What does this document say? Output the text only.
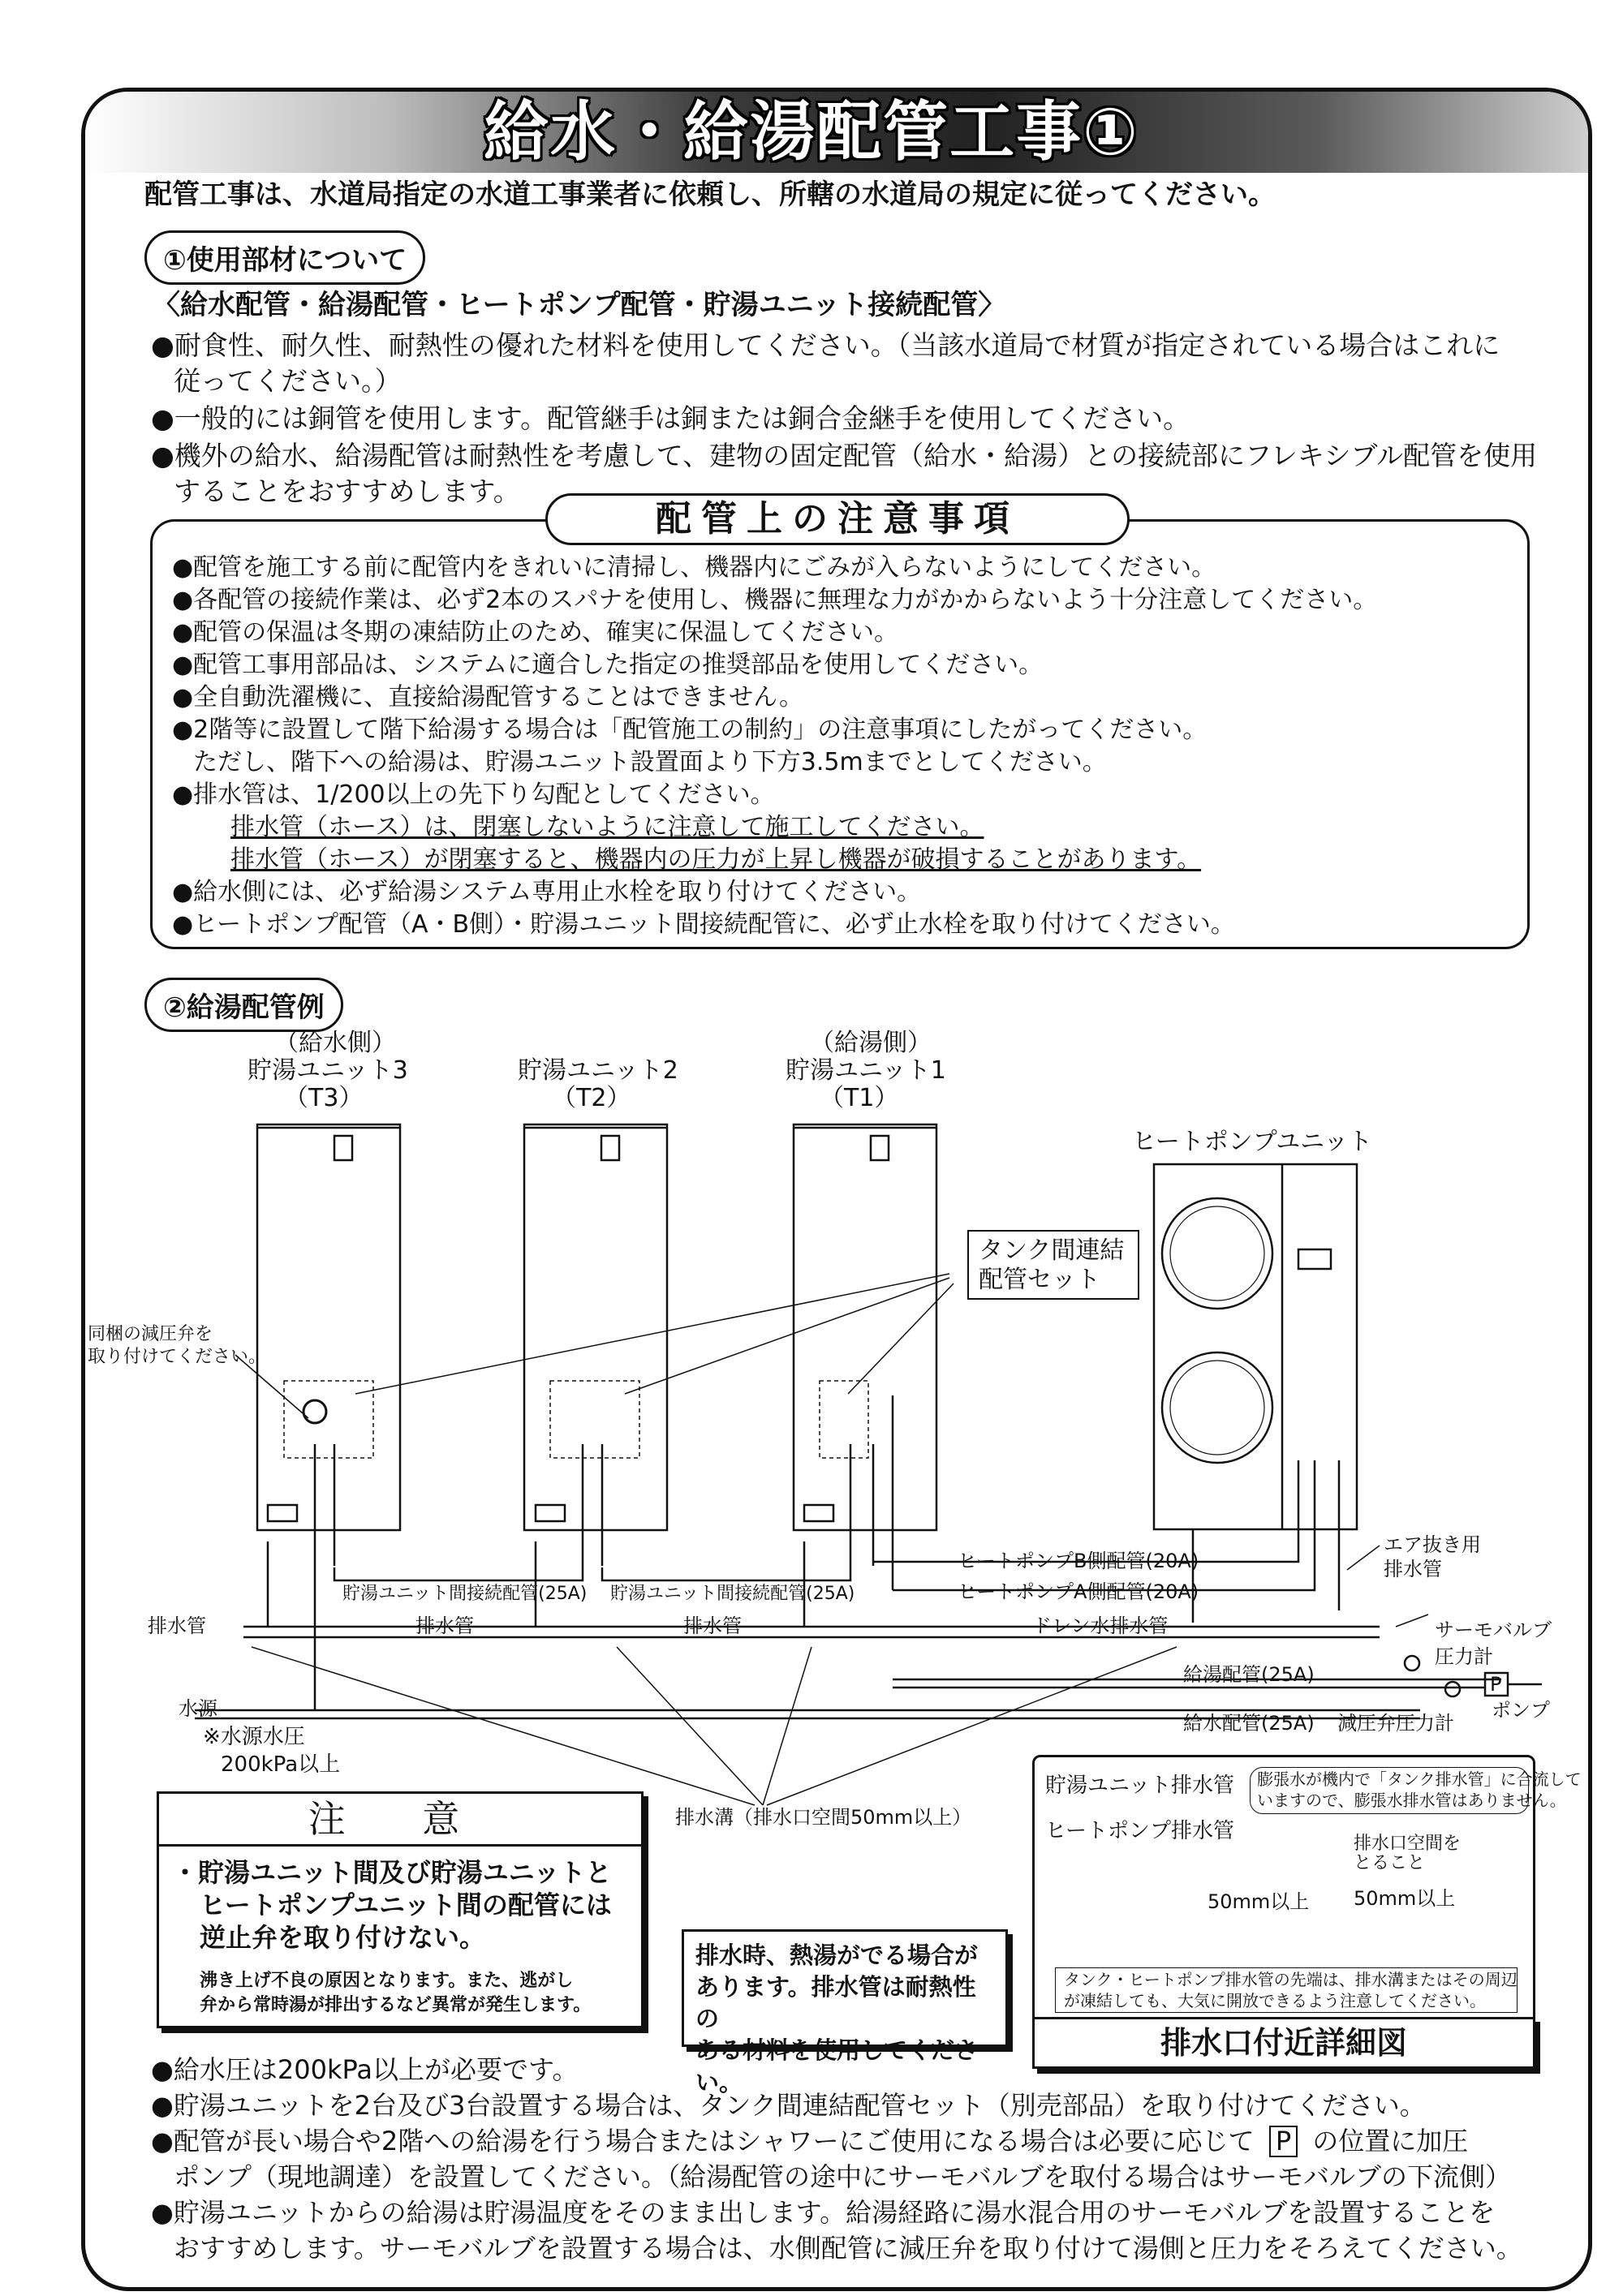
給水・給湯配管工事①
配管工事は、水道局指定の水道工事業者に依頼し、所轄の水道局の規定に従ってください。
①使用部材について
〈給水配管・給湯配管・ヒートポンプ配管・貯湯ユニット接続配管〉
●耐食性、耐久性、耐熱性の優れた材料を使用してください。（当該水道局で材質が指定されている場合はこれに
従ってください。）
●一般的には銅管を使用します。配管継手は銅または銅合金継手を使用してください。
●機外の給水、給湯配管は耐熱性を考慮して、建物の固定配管（給水・給湯）との接続部にフレキシブル配管を使用
することをおすすめします。
配管上の注意事項
●配管を施工する前に配管内をきれいに清掃し、機器内にごみが入らないようにしてください。
●各配管の接続作業は、必ず2本のスパナを使用し、機器に無理な力がかからないよう十分注意してください。
●配管の保温は冬期の凍結防止のため、確実に保温してください。
●配管工事用部品は、システムに適合した指定の推奨部品を使用してください。
●全自動洗濯機に、直接給湯配管することはできません。
●2階等に設置して階下給湯する場合は「配管施工の制約」の注意事項にしたがってください。
ただし、階下への給湯は、貯湯ユニット設置面より下方3.5mまでとしてください。
●排水管は、1/200以上の先下り勾配としてください。
排水管（ホース）は、閉塞しないように注意して施工してください。
排水管（ホース）が閉塞すると、機器内の圧力が上昇し機器が破損することがあります。
●給水側には、必ず給湯システム専用止水栓を取り付けてください。
●ヒートポンプ配管（A・B側）・貯湯ユニット間接続配管に、必ず止水栓を取り付けてください。
②給湯配管例
（給水側）
貯湯ユニット3
（T3）
貯湯ユニット2
（T2）
（給湯側）
貯湯ユニット1
（T1）
ヒートポンプユニット
タンク間連結
配管セット
同梱の減圧弁を
取り付けてください。
ヒートポンプB側配管(20A)
ヒートポンプA側配管(20A)
エア抜き用
排水管
貯湯ユニット間接続配管(25A) 貯湯ユニット間接続配管(25A)
排水管	排水管	排水管	ドレン水排水管	サーモバルブ
圧力計
給湯配管(25A)
給水配管(25A) 減圧弁 圧力計
ポンプ
P
水源
※水源水圧
200kPa以上
排水溝（排水口空間50mm以上）
注 意
・貯湯ユニット間及び貯湯ユニットと
ヒートポンプユニット間の配管には
逆止弁を取り付けない。
沸き上げ不良の原因となります。また、逃がし
弁から常時湯が排出するなど異常が発生します。
排水時、熱湯がでる場合が
あります。排水管は耐熱性の
ある材料を使用してください。
貯湯ユニット排水管 膨張水が機内で「タンク排水管」に合流して
いますので、膨張水排水管はありません。
ヒートポンプ排水管
排水口空間を
とること
50mm以上 50mm以上
タンク・ヒートポンプ排水管の先端は、排水溝またはその周辺
が凍結しても、大気に開放できるよう注意してください。
排水口付近詳細図
●給水圧は200kPa以上が必要です。
●貯湯ユニットを2台及び3台設置する場合は、タンク間連結配管セット（別売部品）を取り付けてください。
●配管が長い場合や2階への給湯を行う場合またはシャワーにご使用になる場合は必要に応じて P の位置に加圧
ポンプ（現地調達）を設置してください。（給湯配管の途中にサーモバルブを取付る場合はサーモバルブの下流側）
●貯湯ユニットからの給湯は貯湯温度をそのまま出します。給湯経路に湯水混合用のサーモバルブを設置することを
おすすめします。サーモバルブを設置する場合は、水側配管に減圧弁を取り付けて湯側と圧力をそろえてください。
